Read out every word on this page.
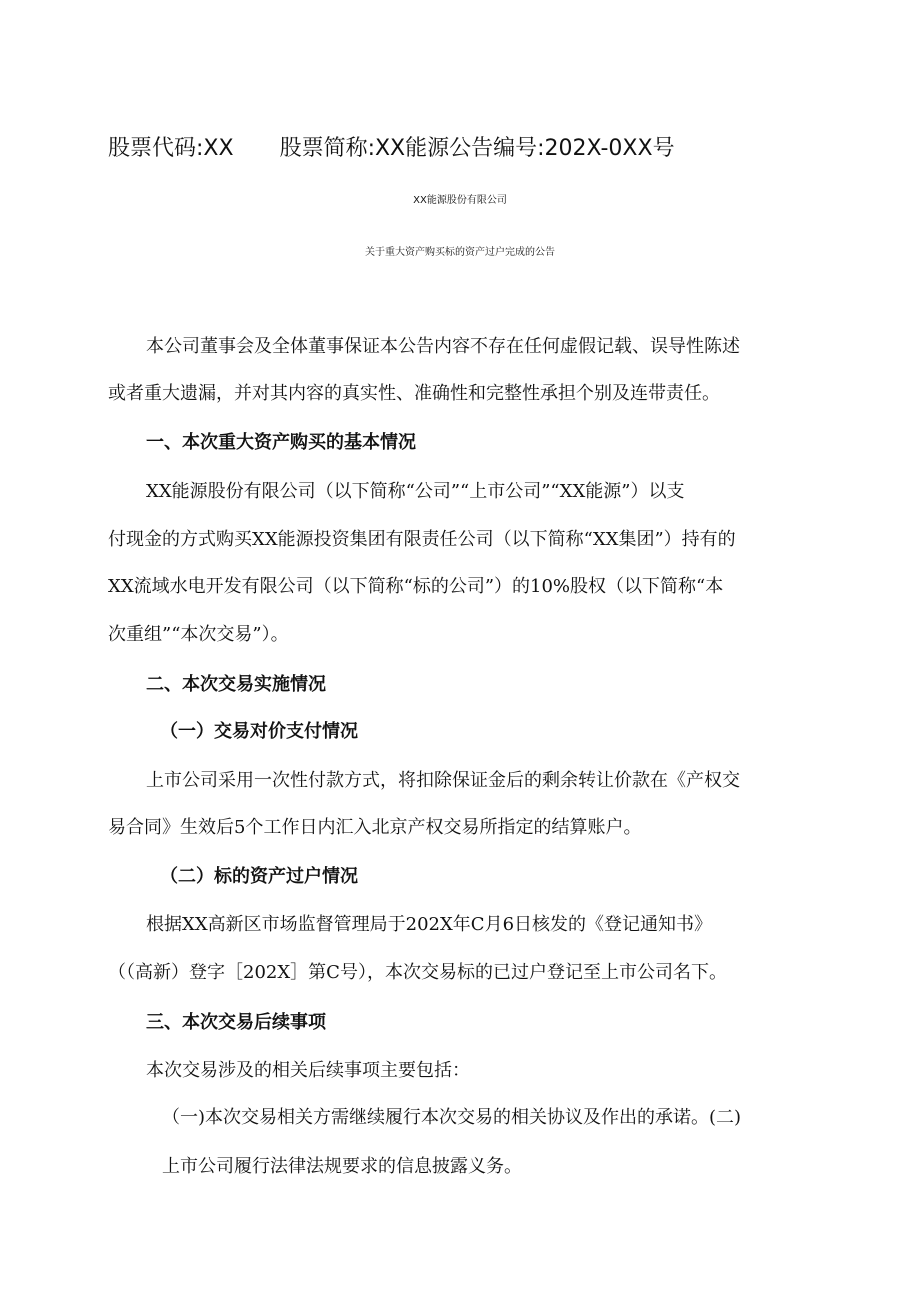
股票代码:XX 股票简称:XX能源公告编号:202X-0XX号
XX能源股份有限公司
关于重大资产购买标的资产过户完成的公告
本公司董事会及全体董事保证本公告内容不存在任何虚假记载、误导性陈述
或者重大遗漏，并对其内容的真实性、准确性和完整性承担个别及连带责任。
一、本次重大资产购买的基本情况
XX能源股份有限公司（以下简称“公司”“上市公司”“XX能源”）以支
付现金的方式购买XX能源投资集团有限责任公司（以下简称“XX集团”）持有的
XX流域水电开发有限公司（以下简称“标的公司”）的10%股权（以下简称“本
次重组”“本次交易”）。
二、本次交易实施情况
（一）交易对价支付情况
上市公司采用一次性付款方式，将扣除保证金后的剩余转让价款在《产权交
易合同》生效后5个工作日内汇入北京产权交易所指定的结算账户。
（二）标的资产过户情况
根据XX高新区市场监督管理局于202X年C月6日核发的《登记通知书》
（（高新）登字［202X］第C号），本次交易标的已过户登记至上市公司名下。
三、本次交易后续事项
本次交易涉及的相关后续事项主要包括：
（一)本次交易相关方需继续履行本次交易的相关协议及作出的承诺。(二)
上市公司履行法律法规要求的信息披露义务。
